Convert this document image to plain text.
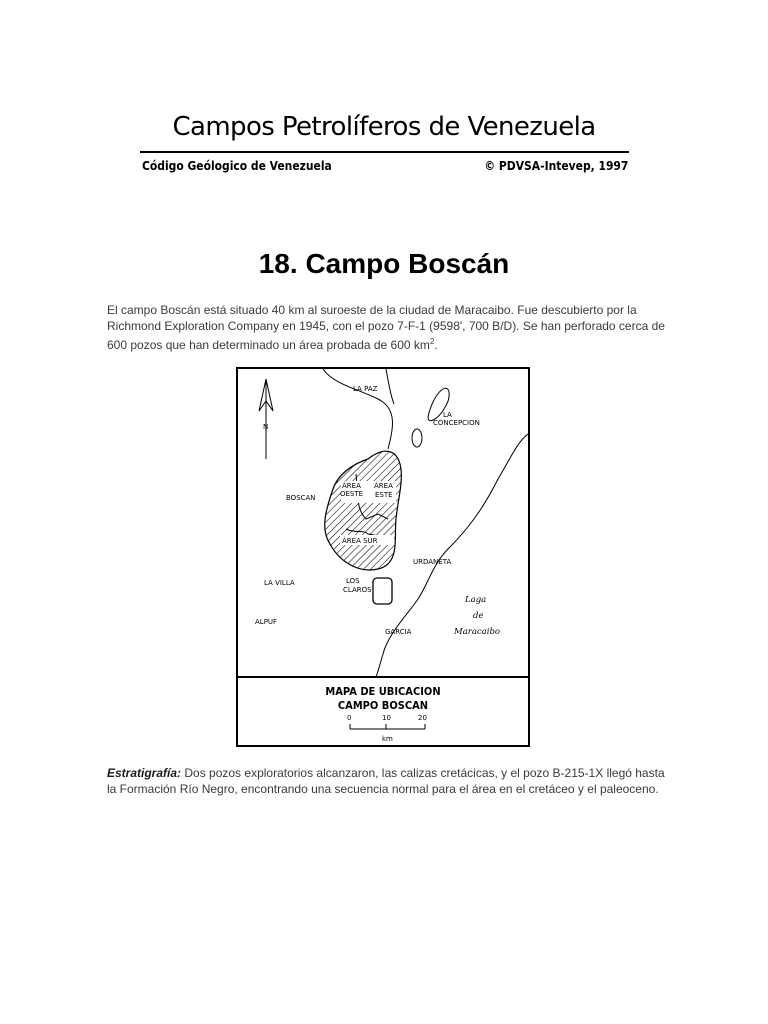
Campos Petrolíferos de Venezuela
Código Geólogico de Venezuela	© PDVSA-Intevep, 1997
18. Campo Boscán
El campo Boscán está situado 40 km al suroeste de la ciudad de Maracaibo. Fue descubierto por la Richmond Exploration Company en 1945, con el pozo 7-F-1 (9598', 700 B/D). Se han perforado cerca de 600 pozos que han determinado un área probada de 600 $km^2$.
N
LA PAZ
LA
CONCEPCION
BOSCAN
ÁREA
OESTE
ÁREA
ESTE
ÁREA SUR
URDANETA
LA VILLA	LOS
CLAROS
ALPUF
GARCIA
Laga
de
Maracaibo
MAPA DE UBICACION
CAMPO BOSCAN
0	10	20
km
Estratigrafía: Dos pozos exploratorios alcanzaron, las calizas cretácicas, y el pozo B-215-1X llegó hasta la Formación Río Negro, encontrando una secuencia normal para el área en el cretáceo y el paleoceno.
